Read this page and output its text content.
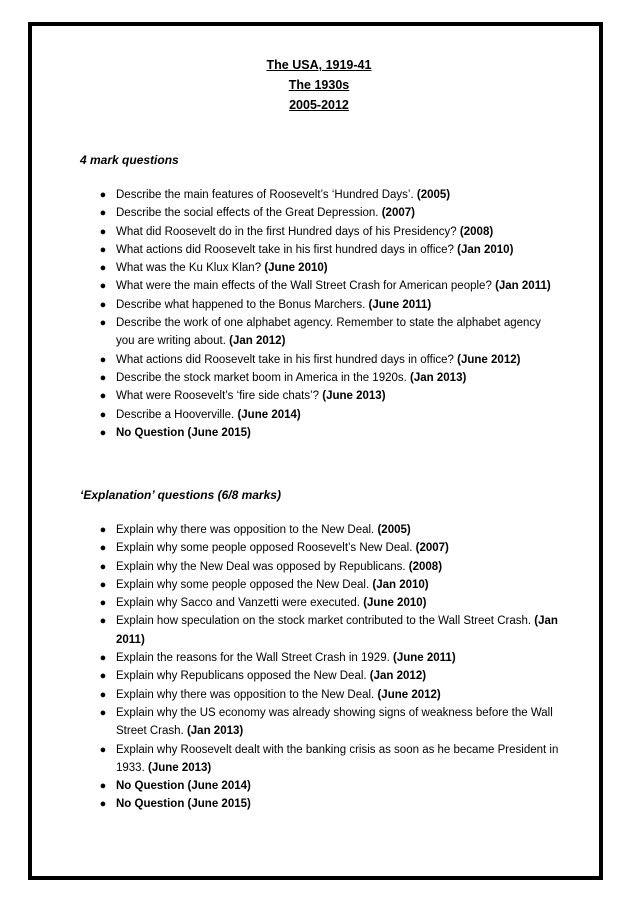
The USA, 1919-41
The 1930s
2005-2012
4 mark questions
● Describe the main features of Roosevelt’s ‘Hundred Days’. (2005)
● Describe the social effects of the Great Depression. (2007)
● What did Roosevelt do in the first Hundred days of his Presidency? (2008)
● What actions did Roosevelt take in his first hundred days in office? (Jan 2010)
● What was the Ku Klux Klan? (June 2010)
● What were the main effects of the Wall Street Crash for American people? (Jan 2011)
● Describe what happened to the Bonus Marchers. (June 2011)
● Describe the work of one alphabet agency. Remember to state the alphabet agency you are writing about. (Jan 2012)
● What actions did Roosevelt take in his first hundred days in office? (June 2012)
● Describe the stock market boom in America in the 1920s. (Jan 2013)
● What were Roosevelt’s ‘fire side chats’? (June 2013)
● Describe a Hooverville. (June 2014)
● No Question (June 2015)
‘Explanation’ questions (6/8 marks)
● Explain why there was opposition to the New Deal. (2005)
● Explain why some people opposed Roosevelt’s New Deal. (2007)
● Explain why the New Deal was opposed by Republicans. (2008)
● Explain why some people opposed the New Deal. (Jan 2010)
● Explain why Sacco and Vanzetti were executed. (June 2010)
● Explain how speculation on the stock market contributed to the Wall Street Crash. (Jan 2011)
● Explain the reasons for the Wall Street Crash in 1929. (June 2011)
● Explain why Republicans opposed the New Deal. (Jan 2012)
● Explain why there was opposition to the New Deal. (June 2012)
● Explain why the US economy was already showing signs of weakness before the Wall Street Crash. (Jan 2013)
● Explain why Roosevelt dealt with the banking crisis as soon as he became President in 1933. (June 2013)
● No Question (June 2014)
● No Question (June 2015)
